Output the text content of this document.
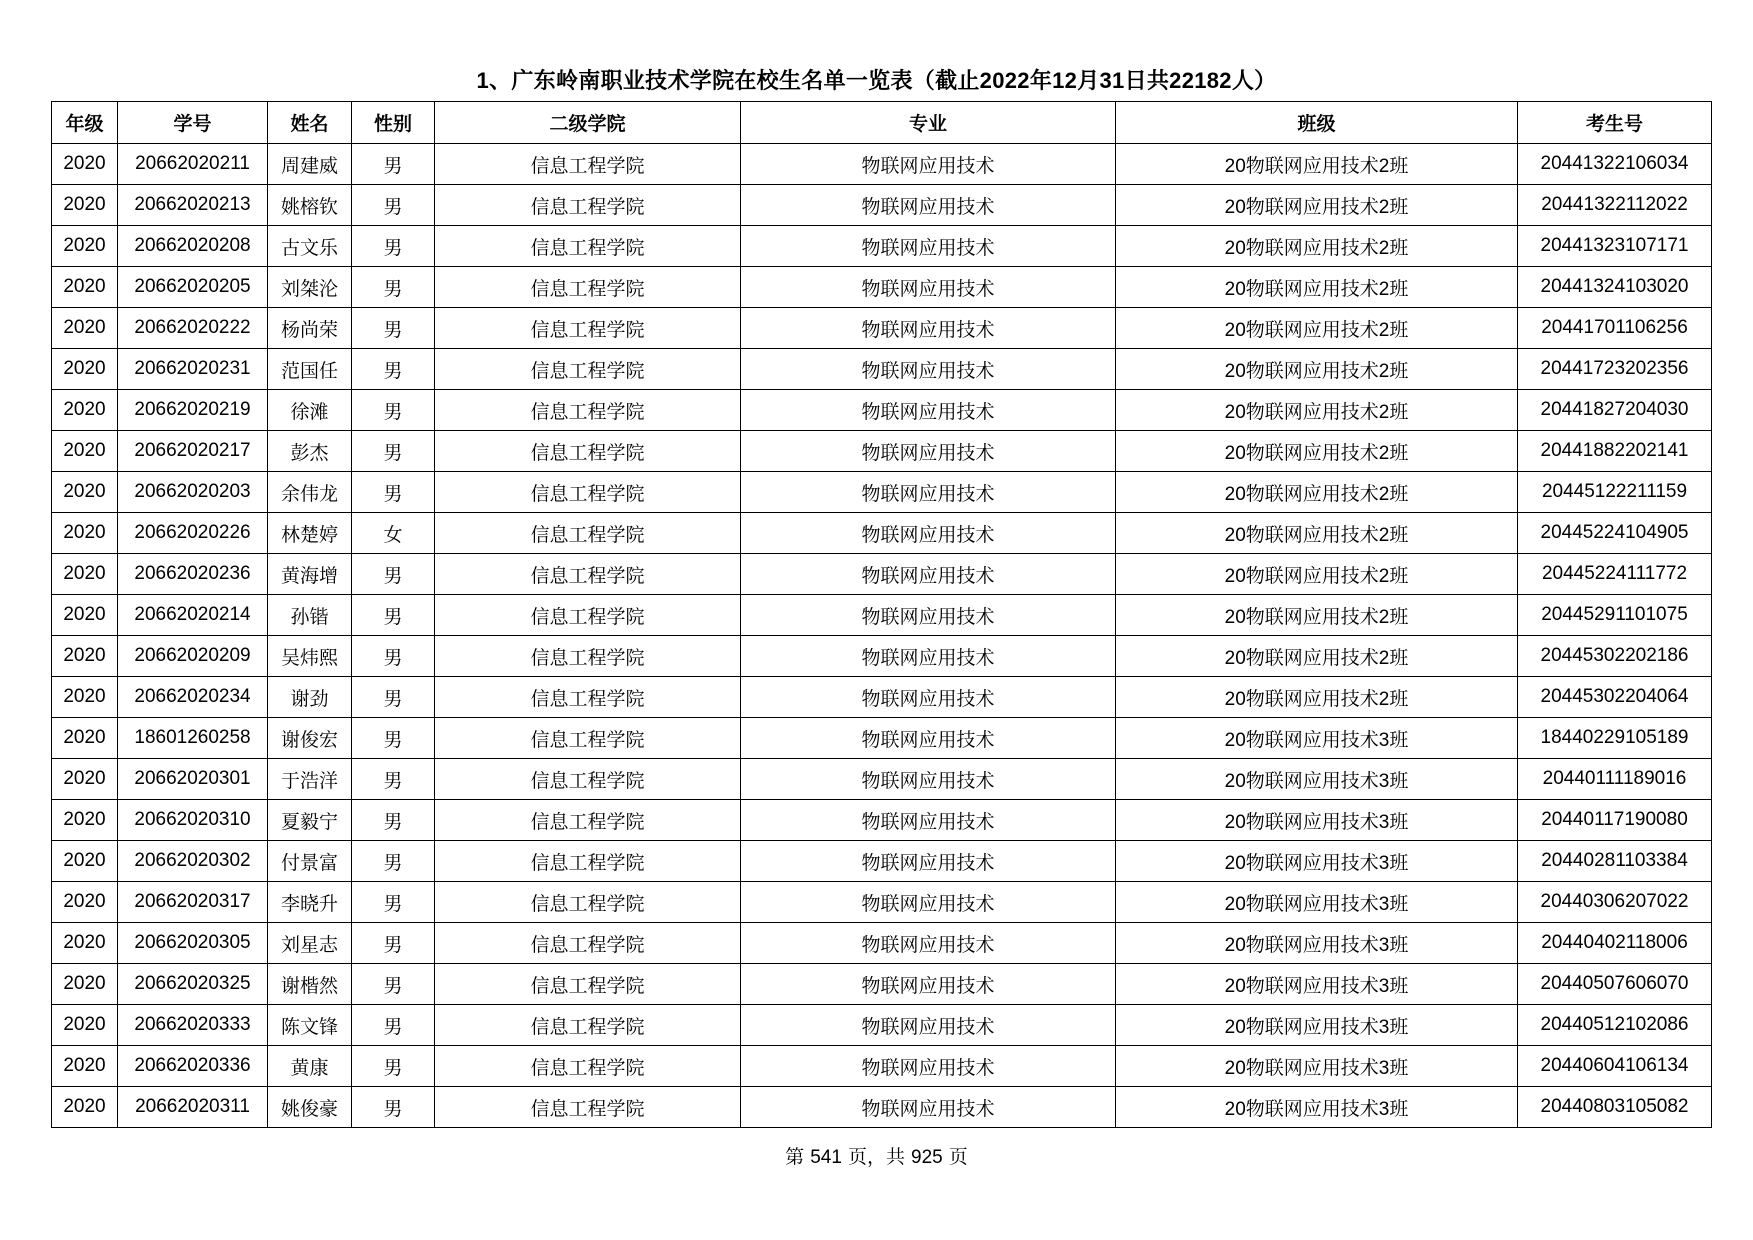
1、广东岭南职业技术学院在校生名单一览表（截止2022年12月31日共22182人）
年级	学号	姓名	性别	二级学院	专业	班级	考生号
2020	20662020211	周建威	男	信息工程学院	物联网应用技术	20物联网应用技术2班	20441322106034
2020	20662020213	姚榕钦	男	信息工程学院	物联网应用技术	20物联网应用技术2班	20441322112022
2020	20662020208	古文乐	男	信息工程学院	物联网应用技术	20物联网应用技术2班	20441323107171
2020	20662020205	刘桀沦	男	信息工程学院	物联网应用技术	20物联网应用技术2班	20441324103020
2020	20662020222	杨尚荣	男	信息工程学院	物联网应用技术	20物联网应用技术2班	20441701106256
2020	20662020231	范国任	男	信息工程学院	物联网应用技术	20物联网应用技术2班	20441723202356
2020	20662020219	徐滩	男	信息工程学院	物联网应用技术	20物联网应用技术2班	20441827204030
2020	20662020217	彭杰	男	信息工程学院	物联网应用技术	20物联网应用技术2班	20441882202141
2020	20662020203	余伟龙	男	信息工程学院	物联网应用技术	20物联网应用技术2班	20445122211159
2020	20662020226	林楚婷	女	信息工程学院	物联网应用技术	20物联网应用技术2班	20445224104905
2020	20662020236	黄海增	男	信息工程学院	物联网应用技术	20物联网应用技术2班	20445224111772
2020	20662020214	孙锴	男	信息工程学院	物联网应用技术	20物联网应用技术2班	20445291101075
2020	20662020209	吴炜熙	男	信息工程学院	物联网应用技术	20物联网应用技术2班	20445302202186
2020	20662020234	谢劲	男	信息工程学院	物联网应用技术	20物联网应用技术2班	20445302204064
2020	18601260258	谢俊宏	男	信息工程学院	物联网应用技术	20物联网应用技术3班	18440229105189
2020	20662020301	于浩洋	男	信息工程学院	物联网应用技术	20物联网应用技术3班	20440111189016
2020	20662020310	夏毅宁	男	信息工程学院	物联网应用技术	20物联网应用技术3班	20440117190080
2020	20662020302	付景富	男	信息工程学院	物联网应用技术	20物联网应用技术3班	20440281103384
2020	20662020317	李晓升	男	信息工程学院	物联网应用技术	20物联网应用技术3班	20440306207022
2020	20662020305	刘星志	男	信息工程学院	物联网应用技术	20物联网应用技术3班	20440402118006
2020	20662020325	谢楷然	男	信息工程学院	物联网应用技术	20物联网应用技术3班	20440507606070
2020	20662020333	陈文锋	男	信息工程学院	物联网应用技术	20物联网应用技术3班	20440512102086
2020	20662020336	黄康	男	信息工程学院	物联网应用技术	20物联网应用技术3班	20440604106134
2020	20662020311	姚俊豪	男	信息工程学院	物联网应用技术	20物联网应用技术3班	20440803105082
第 541 页，共 925 页
